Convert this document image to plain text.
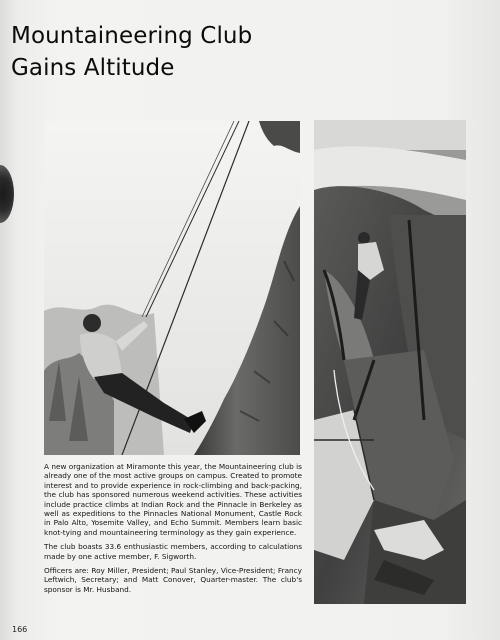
Mountaineering Club
Gains Altitude

A new organization at Miramonte this year, the Mountaineering club is already one of the most active groups on campus. Created to promote interest and to provide experience in rock-climbing and back-packing, the club has sponsored numerous weekend activities. These activities include practice climbs at Indian Rock and the Pinnacle in Berkeley as well as expeditions to the Pinnacles National Monument, Castle Rock in Palo Alto, Yosemite Valley, and Echo Summit. Members learn basic knot-tying and mountaineering terminology as they gain experience.

The club boasts 33.6 enthusiastic members, according to calculations made by one active member, F. Sigworth.

Officers are: Roy Miller, President; Paul Stanley, Vice-President; Francy Leftwich, Secretary; and Matt Conover, Quarter-master. The club's sponsor is Mr. Husband.

166
